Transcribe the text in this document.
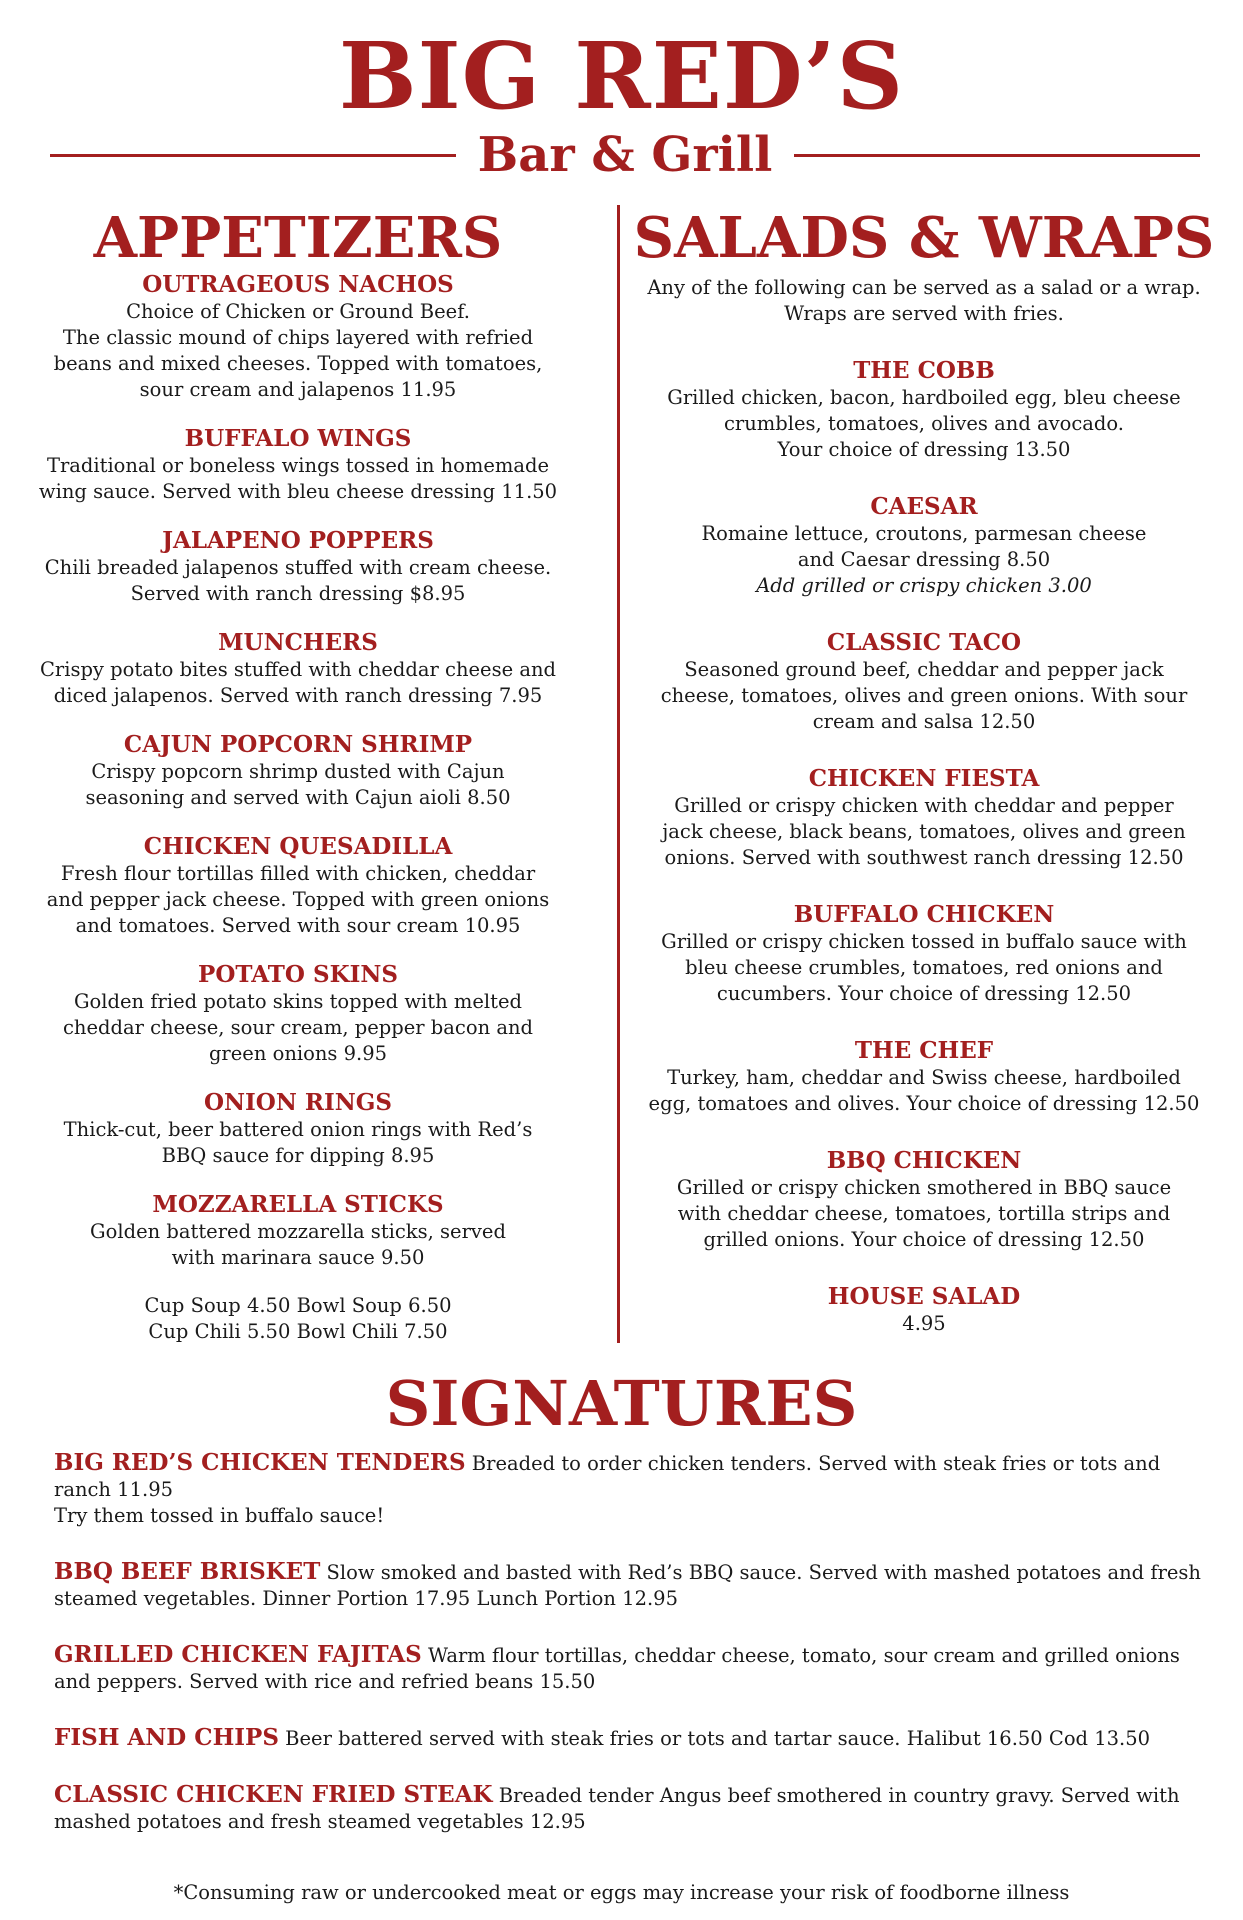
BIG RED’S
Bar & Grill
APPETIZERS
OUTRAGEOUS NACHOS
Choice of Chicken or Ground Beef.
The classic mound of chips layered with refried
beans and mixed cheeses. Topped with tomatoes,
sour cream and jalapenos 11.95
BUFFALO WINGS
Traditional or boneless wings tossed in homemade
wing sauce. Served with bleu cheese dressing 11.50
JALAPENO POPPERS
Chili breaded jalapenos stuffed with cream cheese.
Served with ranch dressing $8.95
MUNCHERS
Crispy potato bites stuffed with cheddar cheese and
diced jalapenos. Served with ranch dressing 7.95
CAJUN POPCORN SHRIMP
Crispy popcorn shrimp dusted with Cajun
seasoning and served with Cajun aioli 8.50
CHICKEN QUESADILLA
Fresh flour tortillas filled with chicken, cheddar
and pepper jack cheese. Topped with green onions
and tomatoes. Served with sour cream 10.95
POTATO SKINS
Golden fried potato skins topped with melted
cheddar cheese, sour cream, pepper bacon and
green onions 9.95
ONION RINGS
Thick-cut, beer battered onion rings with Red’s
BBQ sauce for dipping 8.95
MOZZARELLA STICKS
Golden battered mozzarella sticks, served
with marinara sauce 9.50
Cup Soup 4.50 Bowl Soup 6.50
Cup Chili 5.50 Bowl Chili 7.50
SALADS & WRAPS
Any of the following can be served as a salad or a wrap.
Wraps are served with fries.
THE COBB
Grilled chicken, bacon, hardboiled egg, bleu cheese
crumbles, tomatoes, olives and avocado.
Your choice of dressing 13.50
CAESAR
Romaine lettuce, croutons, parmesan cheese
and Caesar dressing 8.50
Add grilled or crispy chicken 3.00
CLASSIC TACO
Seasoned ground beef, cheddar and pepper jack
cheese, tomatoes, olives and green onions. With sour
cream and salsa 12.50
CHICKEN FIESTA
Grilled or crispy chicken with cheddar and pepper
jack cheese, black beans, tomatoes, olives and green
onions. Served with southwest ranch dressing 12.50
BUFFALO CHICKEN
Grilled or crispy chicken tossed in buffalo sauce with
bleu cheese crumbles, tomatoes, red onions and
cucumbers. Your choice of dressing 12.50
THE CHEF
Turkey, ham, cheddar and Swiss cheese, hardboiled
egg, tomatoes and olives. Your choice of dressing 12.50
BBQ CHICKEN
Grilled or crispy chicken smothered in BBQ sauce
with cheddar cheese, tomatoes, tortilla strips and
grilled onions. Your choice of dressing 12.50
HOUSE SALAD
4.95
SIGNATURES
BIG RED’S CHICKEN TENDERS Breaded to order chicken tenders. Served with steak fries or tots and ranch 11.95
Try them tossed in buffalo sauce!
BBQ BEEF BRISKET Slow smoked and basted with Red’s BBQ sauce. Served with mashed potatoes and fresh steamed vegetables. Dinner Portion 17.95 Lunch Portion 12.95
GRILLED CHICKEN FAJITAS Warm flour tortillas, cheddar cheese, tomato, sour cream and grilled onions and peppers. Served with rice and refried beans 15.50
FISH AND CHIPS Beer battered served with steak fries or tots and tartar sauce. Halibut 16.50 Cod 13.50
CLASSIC CHICKEN FRIED STEAK Breaded tender Angus beef smothered in country gravy. Served with mashed potatoes and fresh steamed vegetables 12.95
*Consuming raw or undercooked meat or eggs may increase your risk of foodborne illness
